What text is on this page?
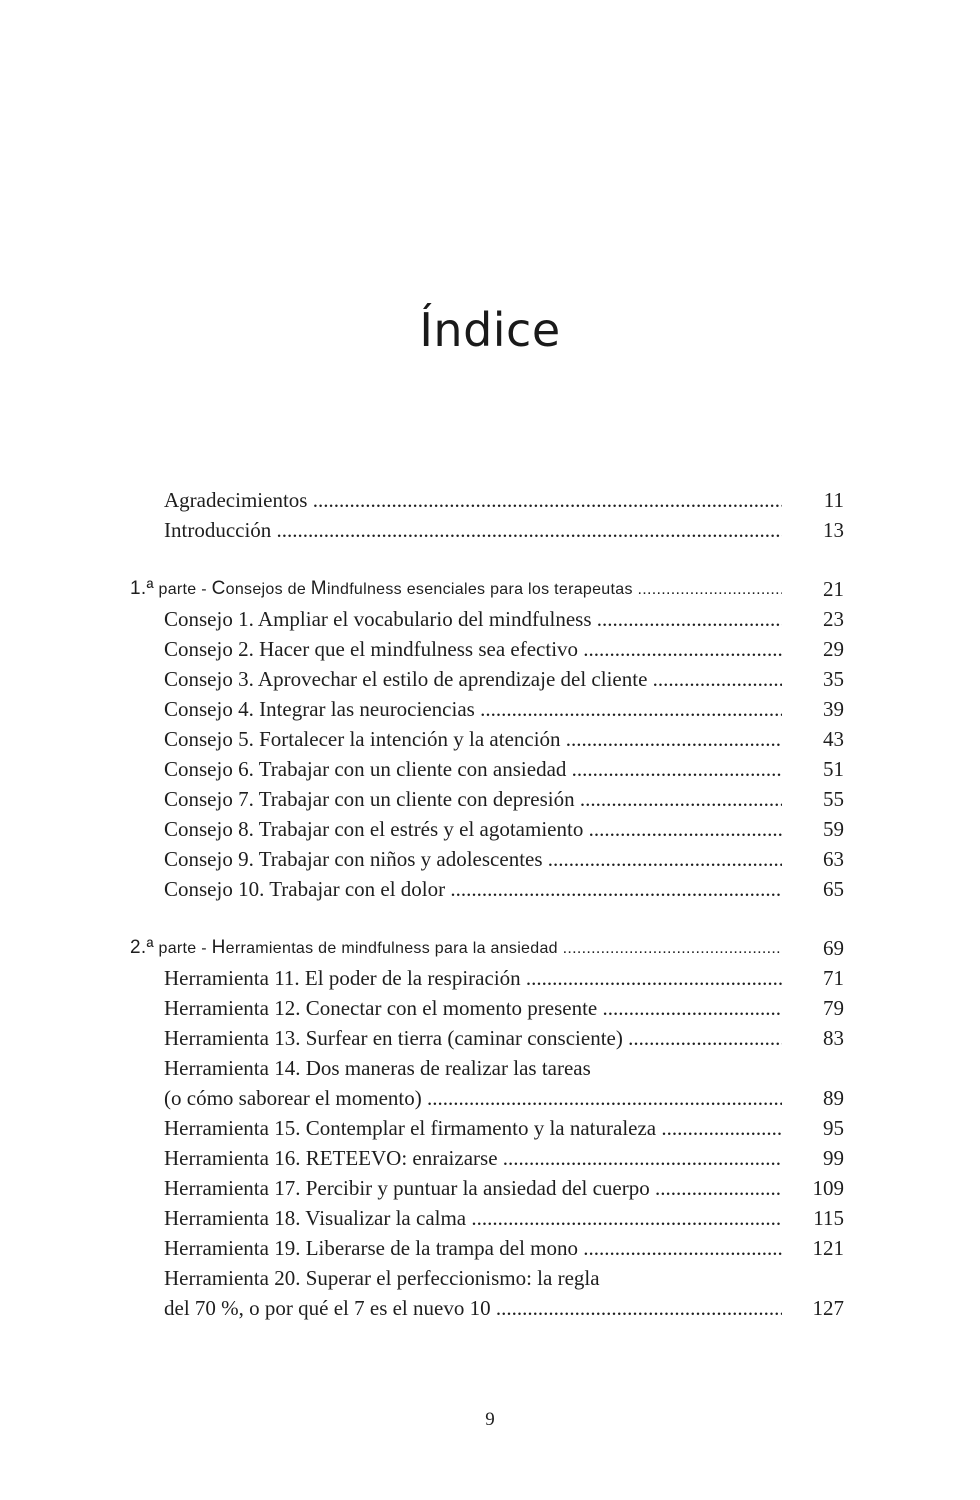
Índice
Agradecimientos .....	11
Introducción .....	13
1.ª parte - Consejos de Mindfulness esenciales para los terapeutas .....	21
Consejo 1. Ampliar el vocabulario del mindfulness .....	23
Consejo 2. Hacer que el mindfulness sea efectivo .....	29
Consejo 3. Aprovechar el estilo de aprendizaje del cliente .....	35
Consejo 4. Integrar las neurociencias .....	39
Consejo 5. Fortalecer la intención y la atención .....	43
Consejo 6. Trabajar con un cliente con ansiedad .....	51
Consejo 7. Trabajar con un cliente con depresión .....	55
Consejo 8. Trabajar con el estrés y el agotamiento .....	59
Consejo 9. Trabajar con niños y adolescentes .....	63
Consejo 10. Trabajar con el dolor .....	65
2.ª parte - Herramientas de mindfulness para la ansiedad .....	69
Herramienta 11. El poder de la respiración .....	71
Herramienta 12. Conectar con el momento presente .....	79
Herramienta 13. Surfear en tierra (caminar consciente) .....	83
Herramienta 14. Dos maneras de realizar las tareas
(o cómo saborear el momento) .....	89
Herramienta 15. Contemplar el firmamento y la naturaleza .....	95
Herramienta 16. RETEEVO: enraizarse .....	99
Herramienta 17. Percibir y puntuar la ansiedad del cuerpo .....	109
Herramienta 18. Visualizar la calma .....	115
Herramienta 19. Liberarse de la trampa del mono .....	121
Herramienta 20. Superar el perfeccionismo: la regla
del 70 %, o por qué el 7 es el nuevo 10 .....	127
9
